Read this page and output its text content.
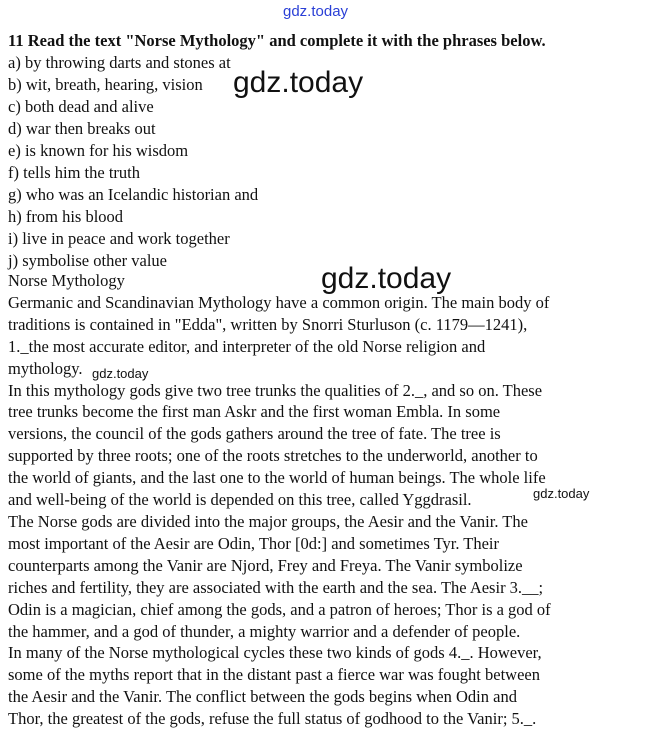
gdz.today
11 Read the text "Norse Mythology" and complete it with the phrases below.
a) by throwing darts and stones at
b) wit, breath, hearing, vision
c) both dead and alive
d) war then breaks out
e) is known for his wisdom
f) tells him the truth
g) who was an Icelandic historian and
h) from his blood
i) live in peace and work together
j) symbolise other value
Norse Mythology
Germanic and Scandinavian Mythology have a common origin. The main body of
traditions is contained in "Edda", written by Snorri Sturluson (c. 1179—1241),
1._the most accurate editor, and interpreter of the old Norse religion and
mythology.
In this mythology gods give two tree trunks the qualities of 2._, and so on. These
tree trunks become the first man Askr and the first woman Embla. In some
versions, the council of the gods gathers around the tree of fate. The tree is
supported by three roots; one of the roots stretches to the underworld, another to
the world of giants, and the last one to the world of human beings. The whole life
and well-being of the world is depended on this tree, called Yggdrasil.
The Norse gods are divided into the major groups, the Aesir and the Vanir. The
most important of the Aesir are Odin, Thor [0d:] and sometimes Tyr. Their
counterparts among the Vanir are Njord, Frey and Freya. The Vanir symbolize
riches and fertility, they are associated with the earth and the sea. The Aesir 3.__;
Odin is a magician, chief among the gods, and a patron of heroes; Thor is a god of
the hammer, and a god of thunder, a mighty warrior and a defender of people.
In many of the Norse mythological cycles these two kinds of gods 4._. However,
some of the myths report that in the distant past a fierce war was fought between
the Aesir and the Vanir. The conflict between the gods begins when Odin and
Thor, the greatest of the gods, refuse the full status of godhood to the Vanir; 5._.
gdz.today
gdz.today
gdz.today
gdz.today
